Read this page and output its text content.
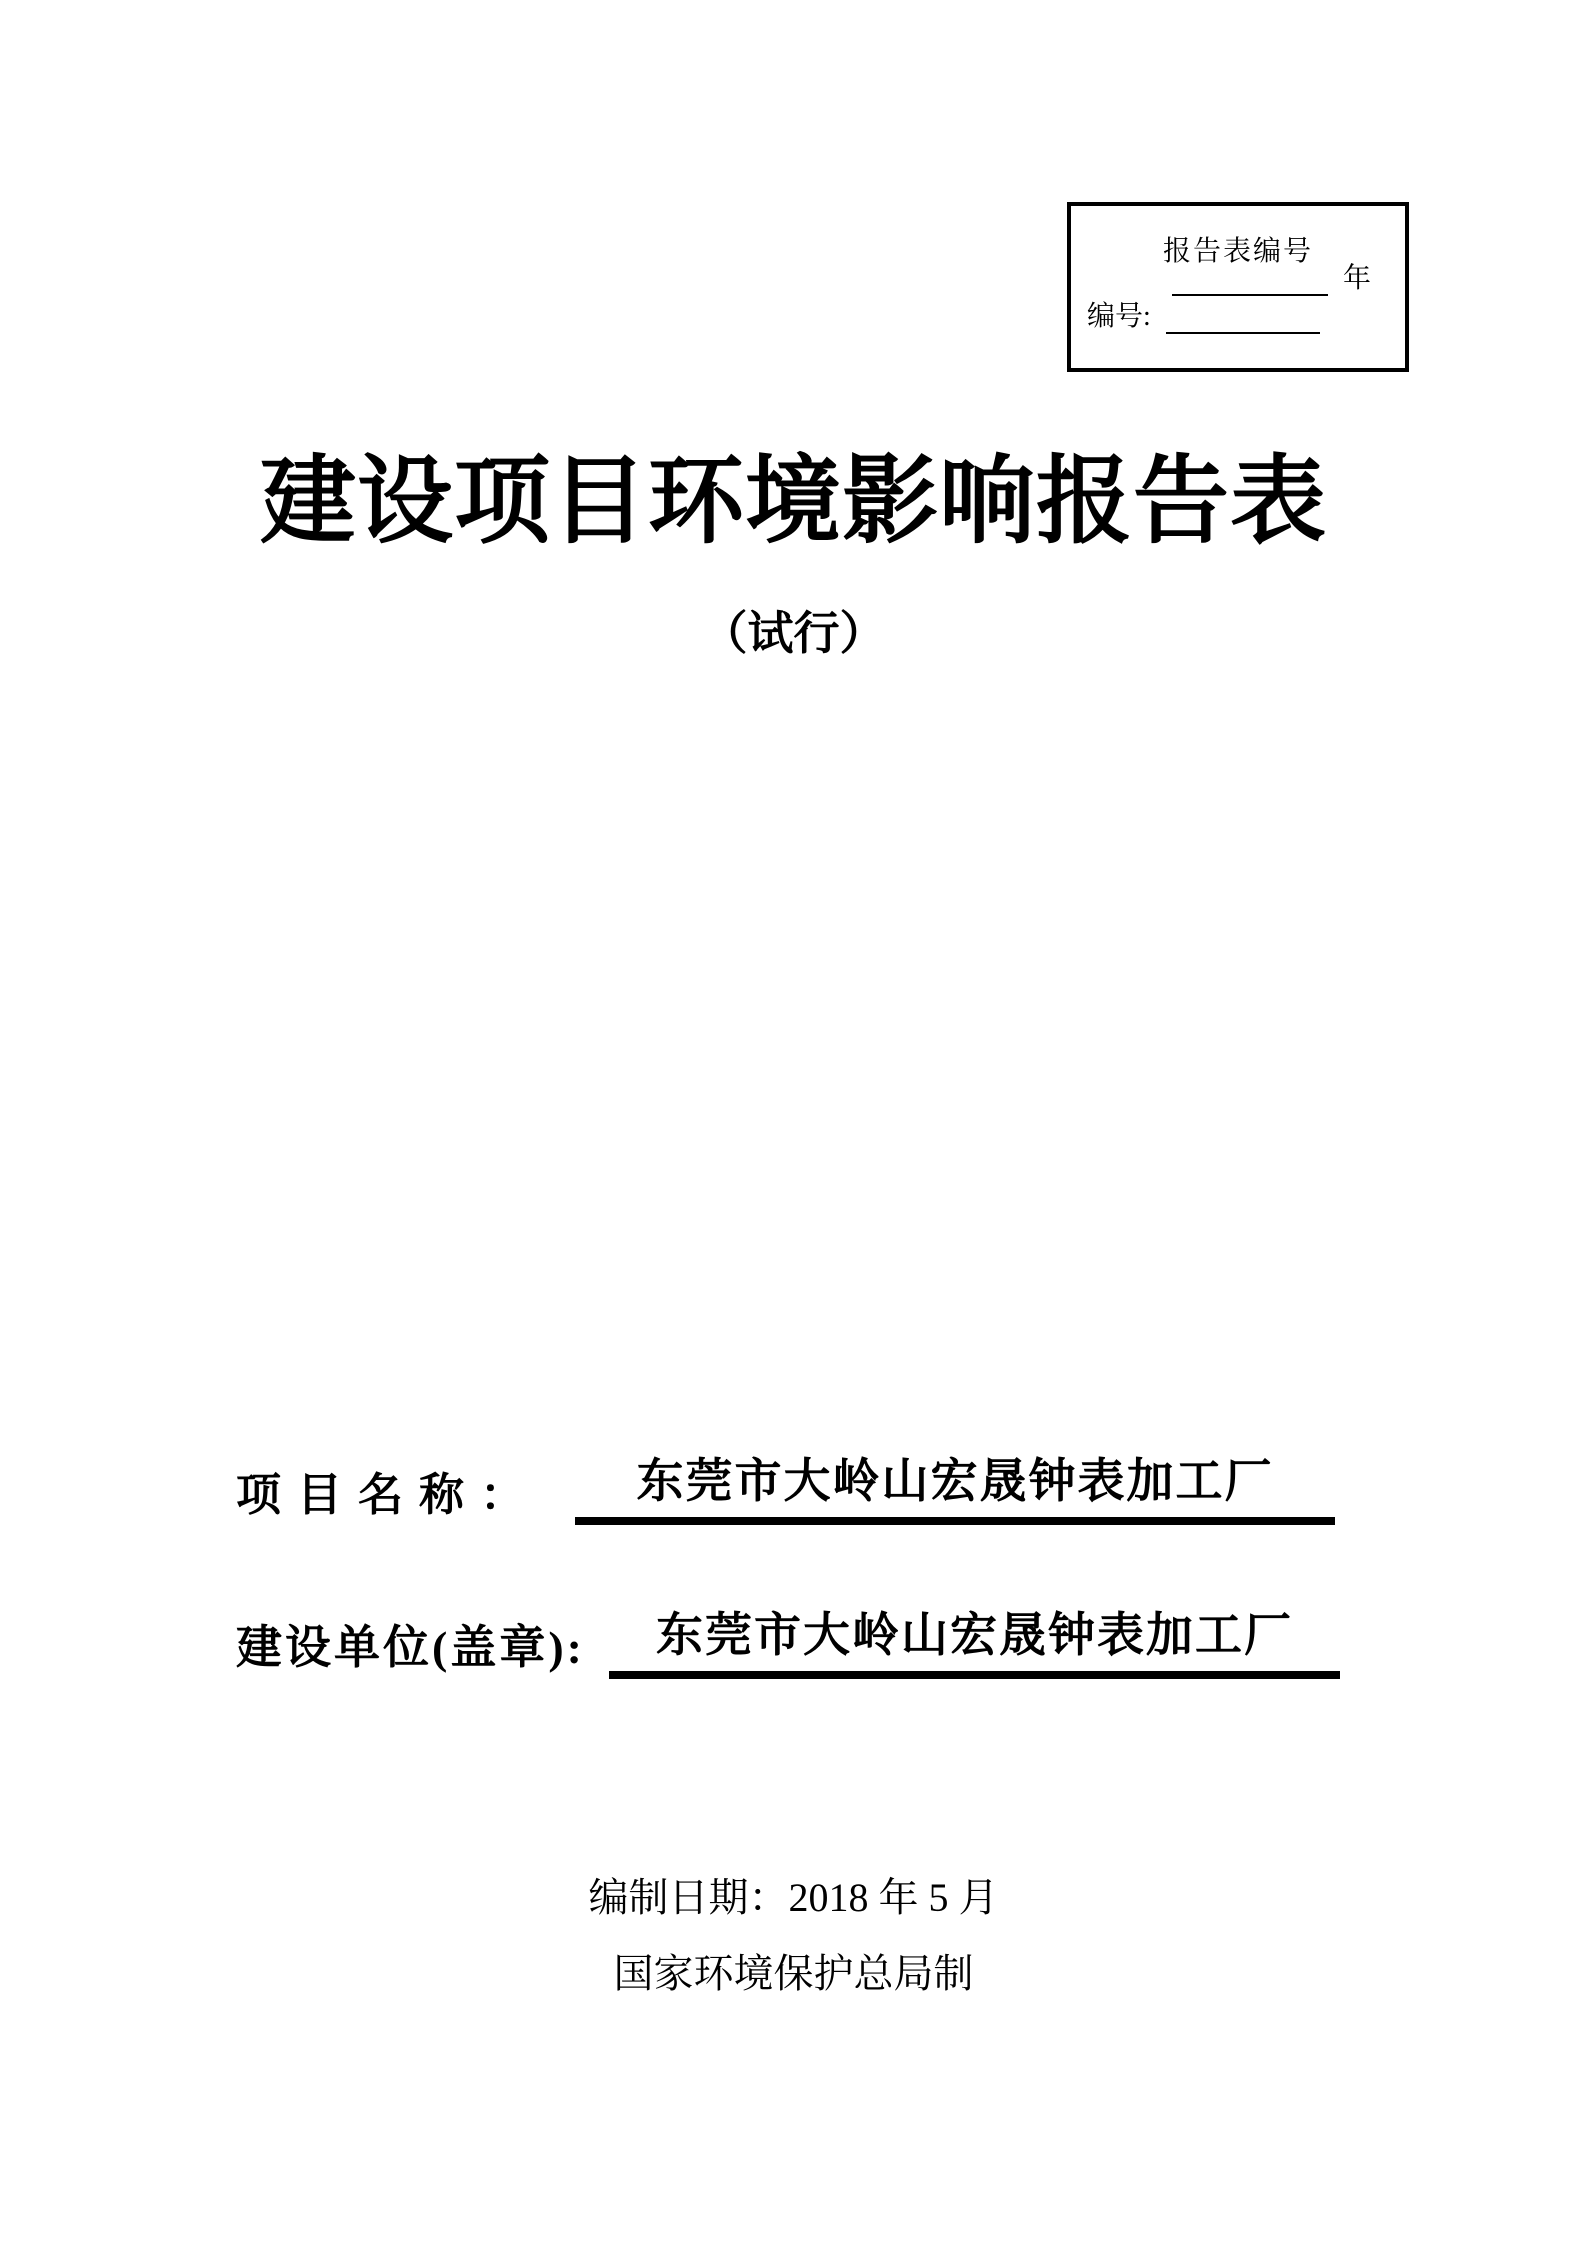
报告表编号
年
编号:
建设项目环境影响报告表
（试行）
项目名称：	东莞市大岭山宏晟钟表加工厂
建设单位(盖章):	东莞市大岭山宏晟钟表加工厂
编制日期：2018 年 5 月
国家环境保护总局制
